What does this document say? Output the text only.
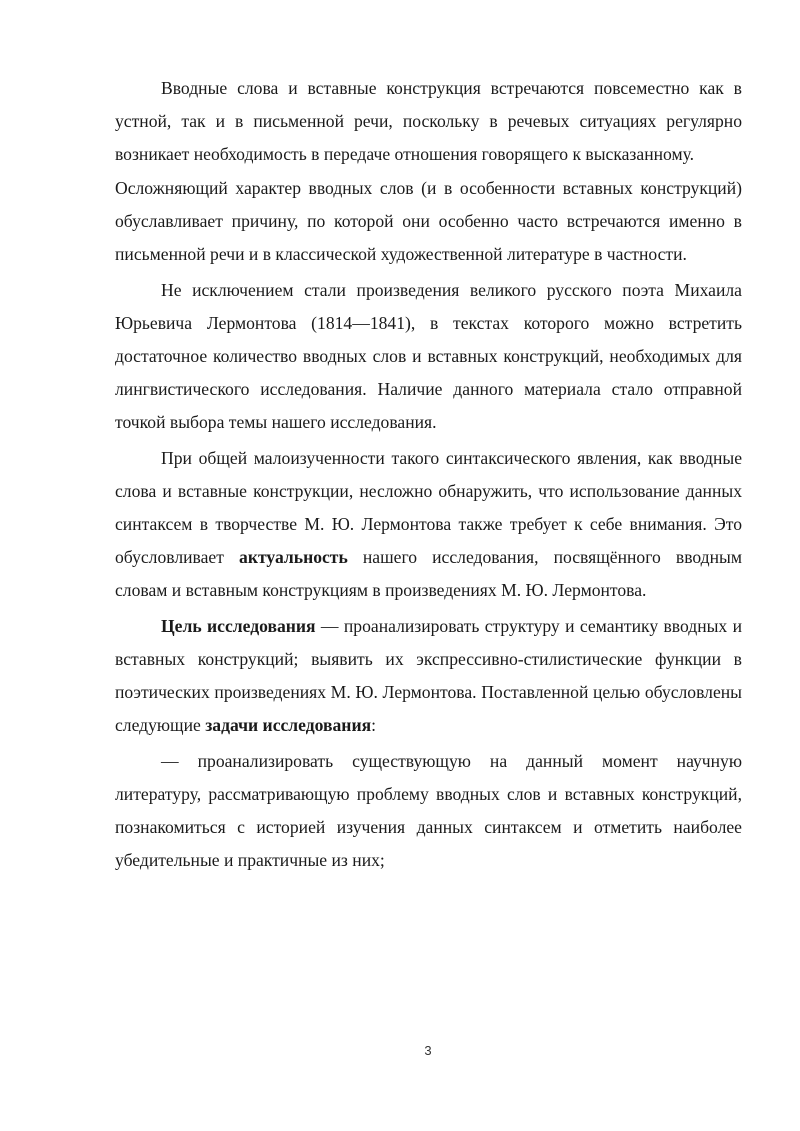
Вводные слова и вставные конструкция встречаются повсеместно как в устной, так и в письменной речи, поскольку в речевых ситуациях регулярно возникает необходимость в передаче отношения говорящего к высказанному.

Осложняющий характер вводных слов (и в особенности вставных конструкций) обуславливает причину, по которой они особенно часто встречаются именно в письменной речи и в классической художественной литературе в частности.

Не исключением стали произведения великого русского поэта Михаила Юрьевича Лермонтова (1814—1841), в текстах которого можно встретить достаточное количество вводных слов и вставных конструкций, необходимых для лингвистического исследования. Наличие данного материала стало отправной точкой выбора темы нашего исследования.

При общей малоизученности такого синтаксического явления, как вводные слова и вставные конструкции, несложно обнаружить, что использование данных синтаксем в творчестве М. Ю. Лермонтова также требует к себе внимания. Это обусловливает актуальность нашего исследования, посвящённого вводным словам и вставным конструкциям в произведениях М. Ю. Лермонтова.

Цель исследования — проанализировать структуру и семантику вводных и вставных конструкций; выявить их экспрессивно-стилистические функции в поэтических произведениях М. Ю. Лермонтова. Поставленной целью обусловлены следующие задачи исследования:

— проанализировать существующую на данный момент научную литературу, рассматривающую проблему вводных слов и вставных конструкций, познакомиться с историей изучения данных синтаксем и отметить наиболее убедительные и практичные из них;

3
